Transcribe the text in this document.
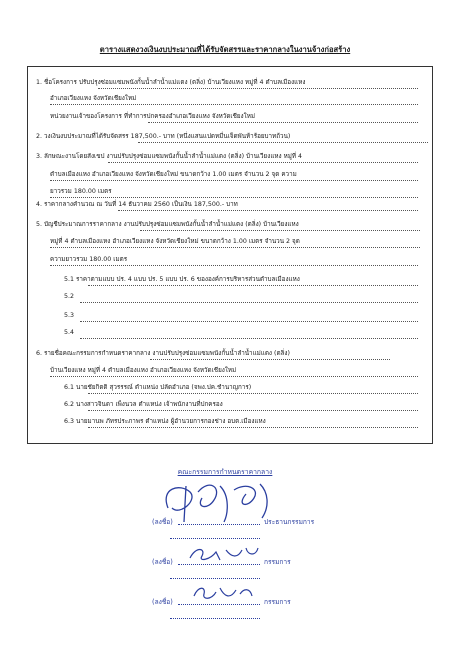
ตารางแสดงวงเงินงบประมาณที่ได้รับจัดสรรและราคากลางในงานจ้างก่อสร้าง
1. ชื่อโครงการ ปรับปรุงซ่อมแซมพนังกั้นน้ำลำน้ำแม่แตง (ตลิ่ง) บ้านเวียงแหง หมู่ที่ 4 ตำบลเมืองแหง
อำเภอเวียงแหง จังหวัดเชียงใหม่
หน่วยงานเจ้าของโครงการ ที่ทำการปกครองอำเภอเวียงแหง จังหวัดเชียงใหม่
2. วงเงินงบประมาณที่ได้รับจัดสรร 187,500.- บาท (หนึ่งแสนแปดหมื่นเจ็ดพันห้าร้อยบาทถ้วน)
3. ลักษณะงานโดยสังเขป งานปรับปรุงซ่อมแซมพนังกั้นน้ำลำน้ำแม่แตง (ตลิ่ง) บ้านเวียงแหง หมู่ที่ 4
ตำบลเมืองแหง อำเภอเวียงแหง จังหวัดเชียงใหม่ ขนาดกว้าง 1.00 เมตร จำนวน 2 จุด ความ
ยาวรวม 180.00 เมตร
4. ราคากลางคำนวณ ณ วันที่ 14 ธันวาคม 2560 เป็นเงิน 187,500.- บาท
5. บัญชีประมาณการราคากลาง งานปรับปรุงซ่อมแซมพนังกั้นน้ำลำน้ำแม่แตง (ตลิ่ง) บ้านเวียงแหง
หมู่ที่ 4 ตำบลเมืองแหง อำเภอเวียงแหง จังหวัดเชียงใหม่ ขนาดกว้าง 1.00 เมตร จำนวน 2 จุด
ความยาวรวม 180.00 เมตร
5.1 ราคาตามแบบ ปร. 4 แบบ ปร. 5 แบบ ปร. 6 ขององค์การบริหารส่วนตำบลเมืองแหง
5.2
5.3
5.4
6. รายชื่อคณะกรรมการกำหนดราคากลาง งานปรับปรุงซ่อมแซมพนังกั้นน้ำลำน้ำแม่แตง (ตลิ่ง)
บ้านเวียงแหง หมู่ที่ 4 ตำบลเมืองแหง อำเภอเวียงแหง จังหวัดเชียงใหม่
6.1 นายชัยกิตติ สุวรรรณ์ ตำแหน่ง ปลัดอำเภอ (จพง.ปค.ชำนาญการ)
6.2 นางสาวจินดา เพ็งนวล ตำแหน่ง เจ้าพนักงานที่ปกครอง
6.3 นายมานพ ภัทรประภาพร ตำแหน่ง ผู้อำนวยการกองช่าง อบต.เมืองแหง
คณะกรรมการกำหนดราคากลาง
(ลงชื่อ)	ประธานกรรมการ
(ลงชื่อ)	กรรมการ
(ลงชื่อ)	กรรมการ
